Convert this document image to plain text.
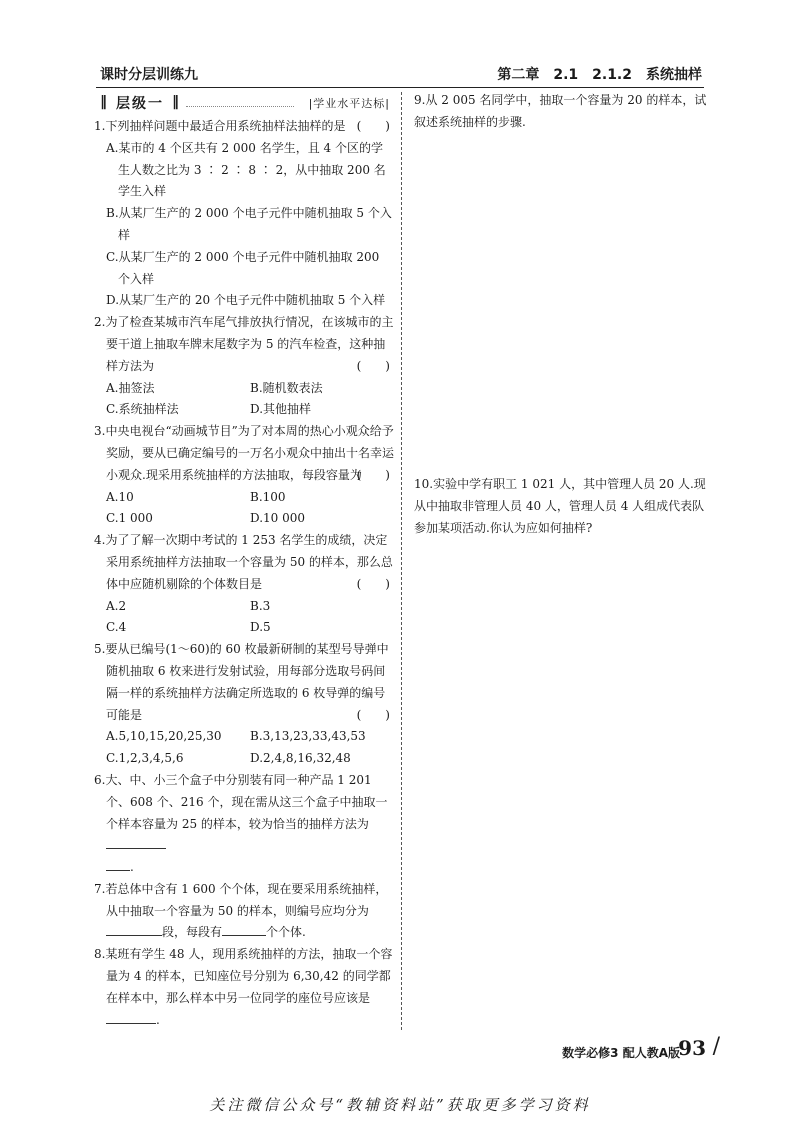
课时分层训练九	第二章　2.1　2.1.2　系统抽样
‖ 层级一 ‖	|学业水平达标|
1.下列抽样问题中最适合用系统抽样法抽样的是 (　　)
A.某市的 4 个区共有 2 000 名学生，且 4 个区的学生人数之比为 3 ∶ 2 ∶ 8 ∶ 2，从中抽取 200 名学生入样
B.从某厂生产的 2 000 个电子元件中随机抽取 5 个入样
C.从某厂生产的 2 000 个电子元件中随机抽取 200 个入样
D.从某厂生产的 20 个电子元件中随机抽取 5 个入样
2.为了检查某城市汽车尾气排放执行情况，在该城市的主要干道上抽取车牌末尾数字为 5 的汽车检查，这种抽样方法为	(　　)
A.抽签法	B.随机数表法
C.系统抽样法	D.其他抽样
3.中央电视台“动画城节目”为了对本周的热心小观众给予奖励，要从已确定编号的一万名小观众中抽出十名幸运小观众.现采用系统抽样的方法抽取，每段容量为
(　　)
A.10	B.100
C.1 000	D.10 000
4.为了了解一次期中考试的 1 253 名学生的成绩，决定采用系统抽样方法抽取一个容量为 50 的样本，那么总体中应随机剔除的个体数目是	(　　)
A.2	B.3
C.4	D.5
5.要从已编号(1～60)的 60 枚最新研制的某型号导弹中随机抽取 6 枚来进行发射试验，用每部分选取号码间隔一样的系统抽样方法确定所选取的 6 枚导弹的编号可能是	(　　)
A.5,10,15,20,25,30	B.3,13,23,33,43,53
C.1,2,3,4,5,6	D.2,4,8,16,32,48
6.大、中、小三个盒子中分别装有同一种产品 1 201 个、608 个、216 个，现在需从这三个盒子中抽取一个样本容量为 25 的样本，较为恰当的抽样方法为
.
7.若总体中含有 1 600 个个体，现在要采用系统抽样，从中抽取一个容量为 50 的样本，则编号应均分为
段，每段有	个个体.
8.某班有学生 48 人，现用系统抽样的方法，抽取一个容量为 4 的样本，已知座位号分别为 6,30,42 的同学都在样本中，那么样本中另一位同学的座位号应该是.
9.从 2 005 名同学中，抽取一个容量为 20 的样本，试叙述系统抽样的步骤.
10.实验中学有职工 1 021 人，其中管理人员 20 人.现从中抽取非管理人员 40 人，管理人员 4 人组成代表队参加某项活动.你认为应如何抽样?
数学必修3 配人教A版
93 /
关注微信公众号“教辅资料站”获取更多学习资料
